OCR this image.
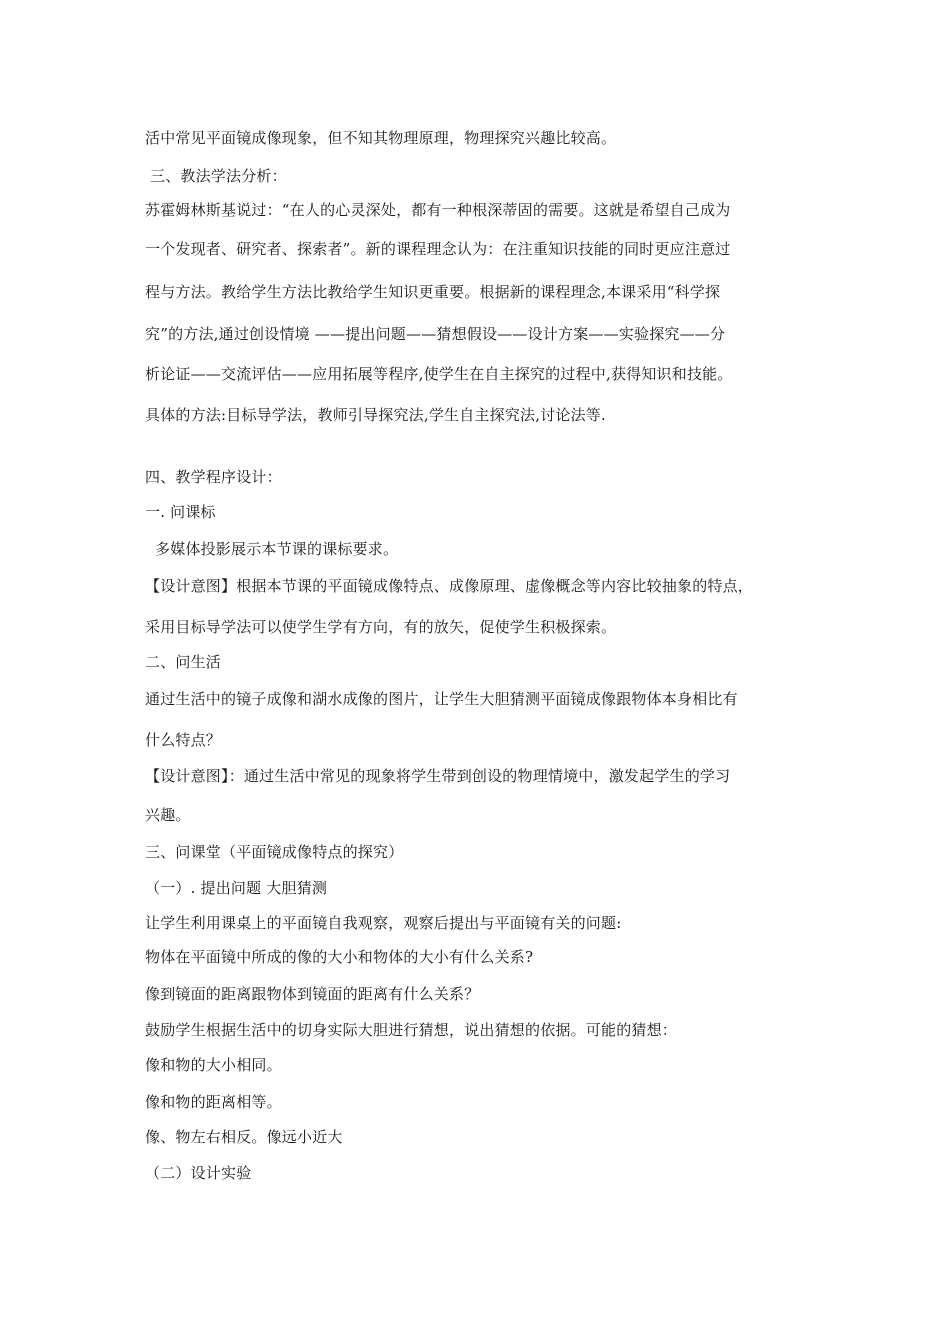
活中常见平面镜成像现象，但不知其物理原理，物理探究兴趣比较高。
三、教法学法分析：
苏霍姆林斯基说过：“在人的心灵深处，都有一种根深蒂固的需要。这就是希望自己成为
一个发现者、研究者、探索者”。新的课程理念认为：在注重知识技能的同时更应注意过
程与方法。教给学生方法比教给学生知识更重要。根据新的课程理念,本课采用“科学探
究”的方法,通过创设情境 ——提出问题——猜想假设——设计方案——实验探究——分
析论证——交流评估——应用拓展等程序,使学生在自主探究的过程中,获得知识和技能。
具体的方法:目标导学法，教师引导探究法,学生自主探究法,讨论法等.
四、教学程序设计：
一. 问课标
多媒体投影展示本节课的课标要求。
【设计意图】根据本节课的平面镜成像特点、成像原理、虚像概念等内容比较抽象的特点，
采用目标导学法可以使学生学有方向，有的放矢，促使学生积极探索。
二、问生活
通过生活中的镜子成像和湖水成像的图片，让学生大胆猜测平面镜成像跟物体本身相比有
什么特点？
【设计意图】：通过生活中常见的现象将学生带到创设的物理情境中，激发起学生的学习
兴趣。
三、问课堂（平面镜成像特点的探究）
（一）. 提出问题 大胆猜测
让学生利用课桌上的平面镜自我观察，观察后提出与平面镜有关的问题:
物体在平面镜中所成的像的大小和物体的大小有什么关系?
像到镜面的距离跟物体到镜面的距离有什么关系？
鼓励学生根据生活中的切身实际大胆进行猜想，说出猜想的依据。可能的猜想：
像和物的大小相同。
像和物的距离相等。
像、物左右相反。像远小近大
（二）设计实验
